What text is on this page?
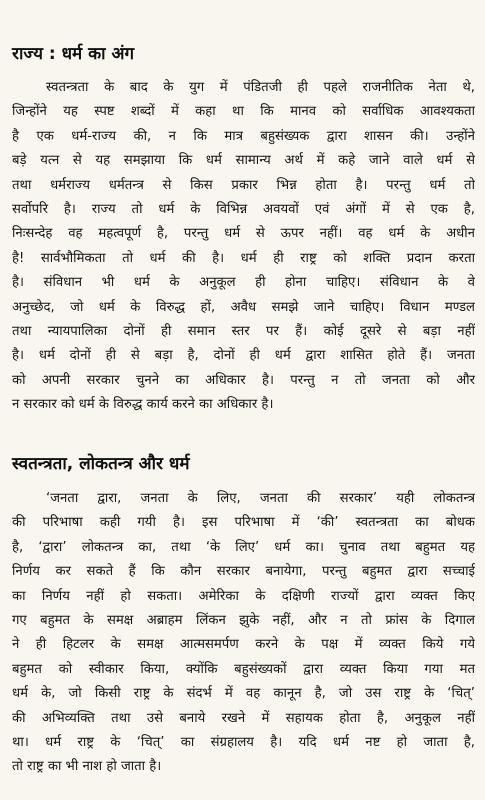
राज्य : धर्म का अंग
स्वतन्त्रता के बाद के युग में पंडितजी ही पहले राजनीतिक नेता थे,
जिन्होंने यह स्पष्ट शब्दों में कहा था कि मानव को सर्वाधिक आवश्यकता
है एक धर्म-राज्य की, न कि मात्र बहुसंख्यक द्वारा शासन की। उन्होंने
बड़े यत्न से यह समझाया कि धर्म सामान्य अर्थ में कहे जाने वाले धर्म से
तथा धर्मराज्य धर्मतन्त्र से किस प्रकार भिन्न होता है। परन्तु धर्म तो
सर्वोपरि है। राज्य तो धर्म के विभिन्न अवयवों एवं अंगों में से एक है,
निःसन्देह वह महत्वपूर्ण है, परन्तु धर्म से ऊपर नहीं। वह धर्म के अधीन
है! सार्वभौमिकता तो धर्म की है। धर्म ही राष्ट्र को शक्ति प्रदान करता
है। संविधान भी धर्म के अनुकूल ही होना चाहिए। संविधान के वे
अनुच्छेद, जो धर्म के विरुद्ध हों, अवैध समझे जाने चाहिए। विधान मण्डल
तथा न्यायपालिका दोनों ही समान स्तर पर हैं। कोई दूसरे से बड़ा नहीं
है। धर्म दोनों ही से बड़ा है, दोनों ही धर्म द्वारा शासित होते हैं। जनता
को अपनी सरकार चुनने का अधिकार है। परन्तु न तो जनता को और
न सरकार को धर्म के विरुद्ध कार्य करने का अधिकार है।
स्वतन्त्रता, लोकतन्त्र और धर्म
‘जनता द्वारा, जनता के लिए, जनता की सरकार’ यही लोकतन्त्र
की परिभाषा कही गयी है। इस परिभाषा में ‘की’ स्वतन्त्रता का बोधक
है, ‘द्वारा’ लोकतन्त्र का, तथा ‘के लिए’ धर्म का। चुनाव तथा बहुमत यह
निर्णय कर सकते हैं कि कौन सरकार बनायेगा, परन्तु बहुमत द्वारा सच्चाई
का निर्णय नहीं हो सकता। अमेरिका के दक्षिणी राज्यों द्वारा व्यक्त किए
गए बहुमत के समक्ष अब्राहम लिंकन झुके नहीं, और न तो फ्रांस के दिगाल
ने ही हिटलर के समक्ष आत्मसमर्पण करने के पक्ष में व्यक्त किये गये
बहुमत को स्वीकार किया, क्योंकि बहुसंख्यकों द्वारा व्यक्त किया गया मत
धर्म के, जो किसी राष्ट्र के संदर्भ में वह कानून है, जो उस राष्ट्र के ‘चित्’
की अभिव्यक्ति तथा उसे बनाये रखने में सहायक होता है, अनुकूल नहीं
था। धर्म राष्ट्र के ‘चित्’ का संग्रहालय है। यदि धर्म नष्ट हो जाता है,
तो राष्ट्र का भी नाश हो जाता है।
